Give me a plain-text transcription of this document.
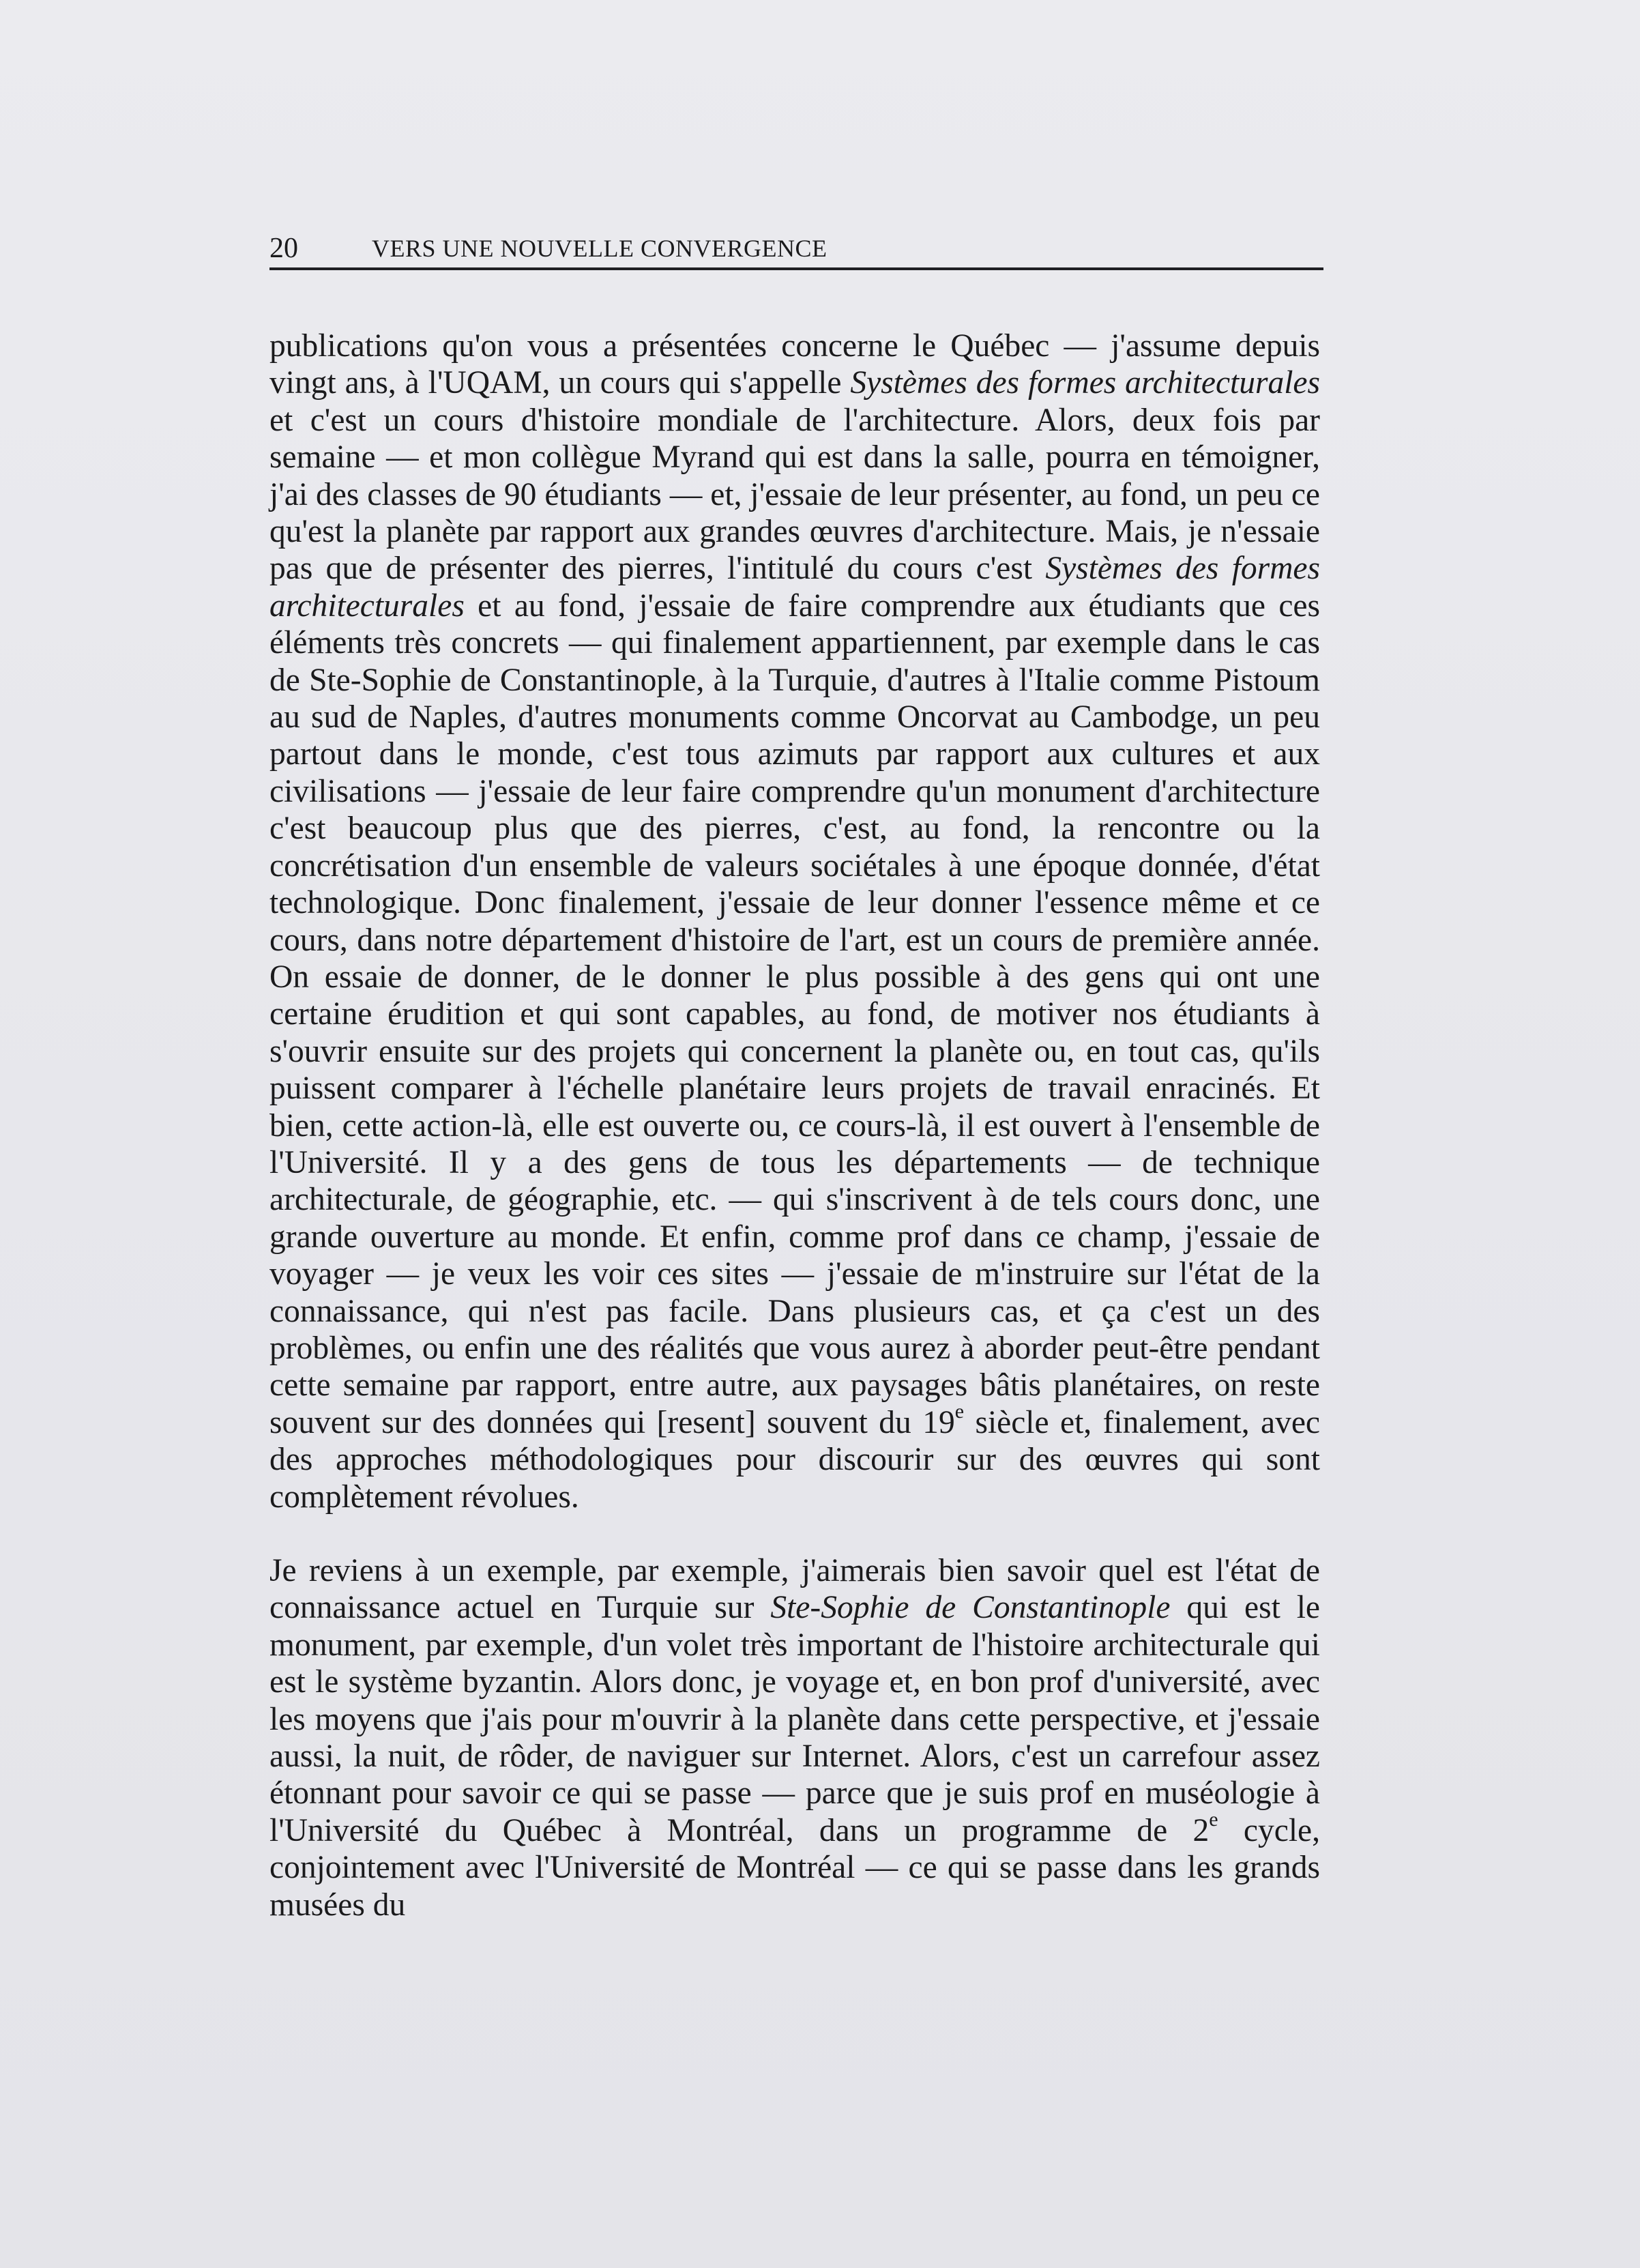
20	VERS UNE NOUVELLE CONVERGENCE

publications qu'on vous a présentées concerne le Québec — j'assume depuis vingt ans, à l'UQAM, un cours qui s'appelle Systèmes des formes architecturales et c'est un cours d'histoire mondiale de l'architecture. Alors, deux fois par semaine — et mon collègue Myrand qui est dans la salle, pourra en témoigner, j'ai des classes de 90 étudiants — et, j'essaie de leur présenter, au fond, un peu ce qu'est la planète par rapport aux grandes œuvres d'architecture. Mais, je n'essaie pas que de présenter des pierres, l'intitulé du cours c'est Systèmes des formes architecturales et au fond, j'essaie de faire comprendre aux étudiants que ces éléments très concrets — qui finalement appartiennent, par exemple dans le cas de Ste-Sophie de Constantinople, à la Turquie, d'autres à l'Italie comme Pistoum au sud de Naples, d'autres monuments comme Oncorvat au Cambodge, un peu partout dans le monde, c'est tous azimuts par rapport aux cultures et aux civilisations — j'essaie de leur faire comprendre qu'un monument d'architecture c'est beaucoup plus que des pierres, c'est, au fond, la rencontre ou la concrétisation d'un ensemble de valeurs sociétales à une époque donnée, d'état technologique. Donc finalement, j'essaie de leur donner l'essence même et ce cours, dans notre département d'histoire de l'art, est un cours de première année. On essaie de donner, de le donner le plus possible à des gens qui ont une certaine érudition et qui sont capables, au fond, de motiver nos étudiants à s'ouvrir ensuite sur des projets qui concernent la planète ou, en tout cas, qu'ils puissent comparer à l'échelle planétaire leurs projets de travail enracinés. Et bien, cette action-là, elle est ouverte ou, ce cours-là, il est ouvert à l'ensemble de l'Université. Il y a des gens de tous les départements — de technique architecturale, de géographie, etc. — qui s'inscrivent à de tels cours donc, une grande ouverture au monde. Et enfin, comme prof dans ce champ, j'essaie de voyager — je veux les voir ces sites — j'essaie de m'instruire sur l'état de la connaissance, qui n'est pas facile. Dans plusieurs cas, et ça c'est un des problèmes, ou enfin une des réalités que vous aurez à aborder peut-être pendant cette semaine par rapport, entre autre, aux paysages bâtis planétaires, on reste souvent sur des données qui [resent] souvent du 19e siècle et, finalement, avec des approches méthodologiques pour discourir sur des œuvres qui sont complètement révolues.

Je reviens à un exemple, par exemple, j'aimerais bien savoir quel est l'état de connaissance actuel en Turquie sur Ste-Sophie de Constantinople qui est le monument, par exemple, d'un volet très important de l'histoire architecturale qui est le système byzantin. Alors donc, je voyage et, en bon prof d'université, avec les moyens que j'ais pour m'ouvrir à la planète dans cette perspective, et j'essaie aussi, la nuit, de rôder, de naviguer sur Internet. Alors, c'est un carrefour assez étonnant pour savoir ce qui se passe — parce que je suis prof en muséologie à l'Université du Québec à Montréal, dans un programme de 2e cycle, conjointement avec l'Université de Montréal — ce qui se passe dans les grands musées du
